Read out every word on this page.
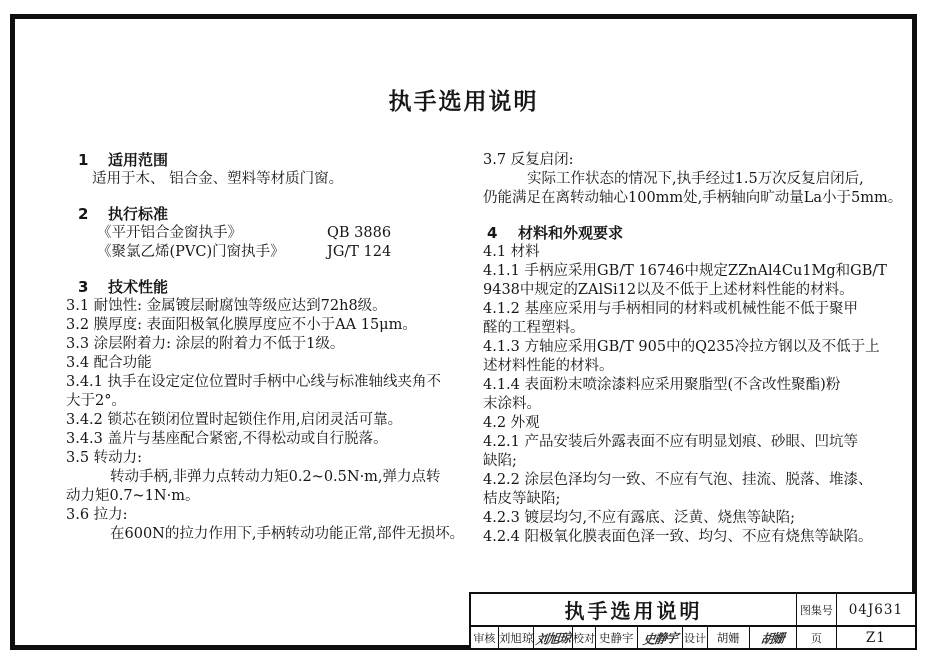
执手选用说明
1 适用范围
适用于木、 铝合金、塑料等材质门窗。
2 执行标准
《平开铝合金窗执手》	QB 3886
《聚氯乙烯(PVC)门窗执手》	JG/T 124
3 技术性能
3.1 耐蚀性: 金属镀层耐腐蚀等级应达到72h8级。
3.2 膜厚度: 表面阳极氧化膜厚度应不小于AA 15μm。
3.3 涂层附着力: 涂层的附着力不低于1级。
3.4 配合功能
3.4.1 执手在设定定位位置时手柄中心线与标准轴线夹角不
大于2°。
3.4.2 锁芯在锁闭位置时起锁住作用,启闭灵活可靠。
3.4.3 盖片与基座配合紧密,不得松动或自行脱落。
3.5 转动力:
转动手柄,非弹力点转动力矩0.2~0.5N·m,弹力点转
动力矩0.7~1N·m。
3.6 拉力:
在600N的拉力作用下,手柄转动功能正常,部件无损坏。
3.7 反复启闭:
实际工作状态的情况下,执手经过1.5万次反复启闭后,
仍能满足在离转动轴心100mm处,手柄轴向旷动量La小于5mm。
4 材料和外观要求
4.1 材料
4.1.1 手柄应采用GB/T 16746中规定ZZnAl4Cu1Mg和GB/T
9438中规定的ZAlSi12以及不低于上述材料性能的材料。
4.1.2 基座应采用与手柄相同的材料或机械性能不低于聚甲
醛的工程塑料。
4.1.3 方轴应采用GB/T 905中的Q235冷拉方钢以及不低于上
述材料性能的材料。
4.1.4 表面粉末喷涂漆料应采用聚脂型(不含改性聚酯)粉
末涂料。
4.2 外观
4.2.1 产品安装后外露表面不应有明显划痕、砂眼、凹坑等
缺陷;
4.2.2 涂层色泽均匀一致、不应有气泡、挂流、脱落、堆漆、
桔皮等缺陷;
4.2.3 镀层均匀,不应有露底、泛黄、烧焦等缺陷;
4.2.4 阳极氧化膜表面色泽一致、均匀、不应有烧焦等缺陷。
执手选用说明	图集号	04J631
审核 刘旭琼 刘旭琼 校对 史静宇 史静宇 设计 胡姗 胡姗	页	Z1
